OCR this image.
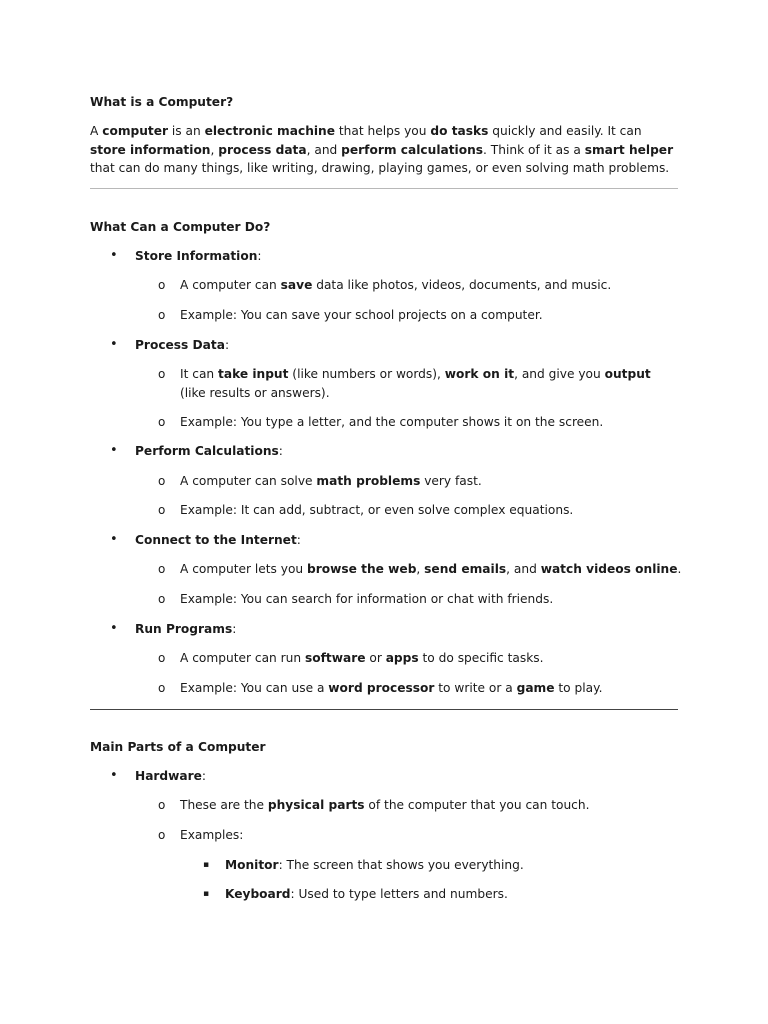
What is a Computer?
A computer is an electronic machine that helps you do tasks quickly and easily. It can store information, process data, and perform calculations. Think of it as a smart helper that can do many things, like writing, drawing, playing games, or even solving math problems.
What Can a Computer Do?
• Store Information:
o A computer can save data like photos, videos, documents, and music.
o Example: You can save your school projects on a computer.
• Process Data:
o It can take input (like numbers or words), work on it, and give you output (like results or answers).
o Example: You type a letter, and the computer shows it on the screen.
• Perform Calculations:
o A computer can solve math problems very fast.
o Example: It can add, subtract, or even solve complex equations.
• Connect to the Internet:
o A computer lets you browse the web, send emails, and watch videos online.
o Example: You can search for information or chat with friends.
• Run Programs:
o A computer can run software or apps to do specific tasks.
o Example: You can use a word processor to write or a game to play.
Main Parts of a Computer
• Hardware:
o These are the physical parts of the computer that you can touch.
o Examples:
▪ Monitor: The screen that shows you everything.
▪ Keyboard: Used to type letters and numbers.
